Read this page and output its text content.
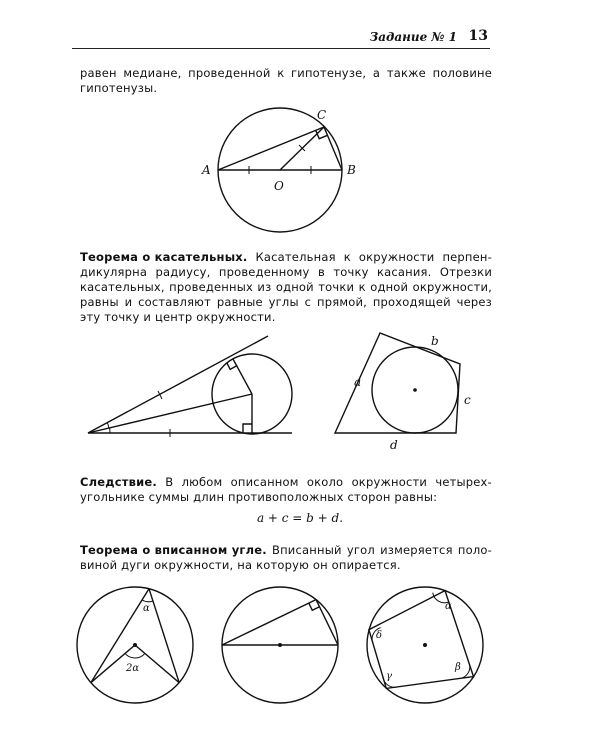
Задание № 1 13
равен медиане, проведенной к гипотенузе, а также половине
гипотенузы.
A	B
C
O
Теорема о касательных. Касательная к окружности перпен-
дикулярна радиусу, проведенному в точку касания. Отрезки
касательных, проведенных из одной точки к одной окружности,
равны и составляют равные углы с прямой, проходящей через
эту точку и центр окружности.
a
b
c
d
Следствие. В любом описанном около окружности четырех-
угольнике суммы длин противоположных сторон равны:
a + c = b + d.
Теорема о вписанном угле. Вписанный угол измеряется поло-
виной дуги окружности, на которую он опирается.
α
2α
α
β
γ
δ
